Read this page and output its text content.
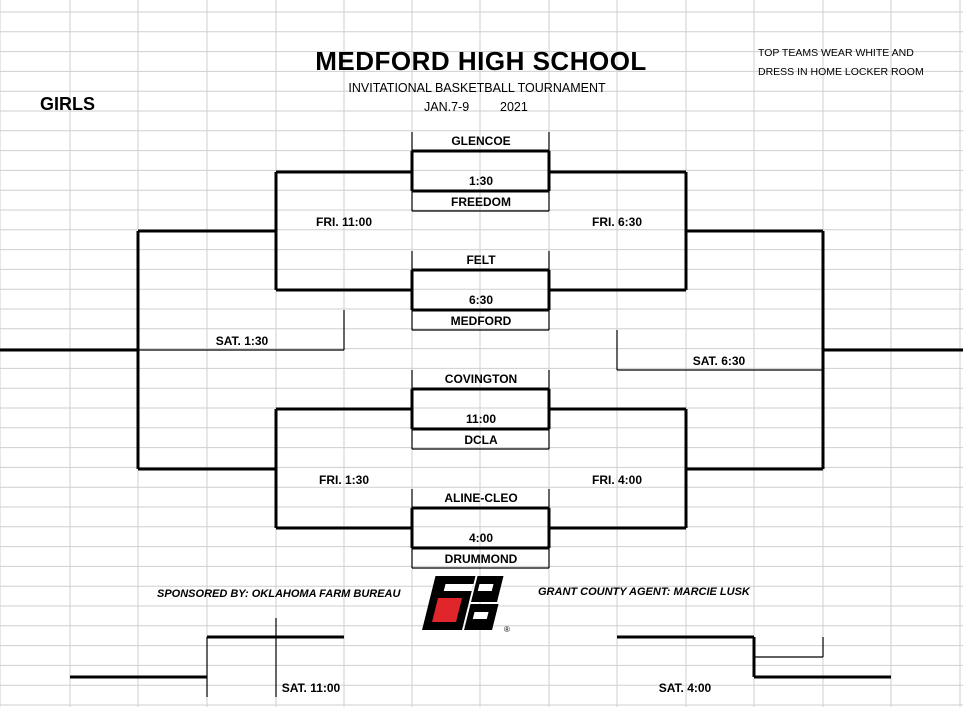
MEDFORD HIGH SCHOOL
INVITATIONAL BASKETBALL TOURNAMENT
JAN.7-9 2021
TOP TEAMS WEAR WHITE AND
DRESS IN HOME LOCKER ROOM
GIRLS
GLENCOE
1:30
FREEDOM
FELT
6:30
MEDFORD
COVINGTON
11:00
DCLA
ALINE-CLEO
4:00
DRUMMOND
FRI. 11:00	FRI. 6:30
FRI. 1:30	FRI. 4:00
SAT. 1:30
SAT. 6:30
SPONSORED BY: OKLAHOMA FARM BUREAU	GRANT COUNTY AGENT: MARCIE LUSK
®
SAT. 11:00	SAT. 4:00
